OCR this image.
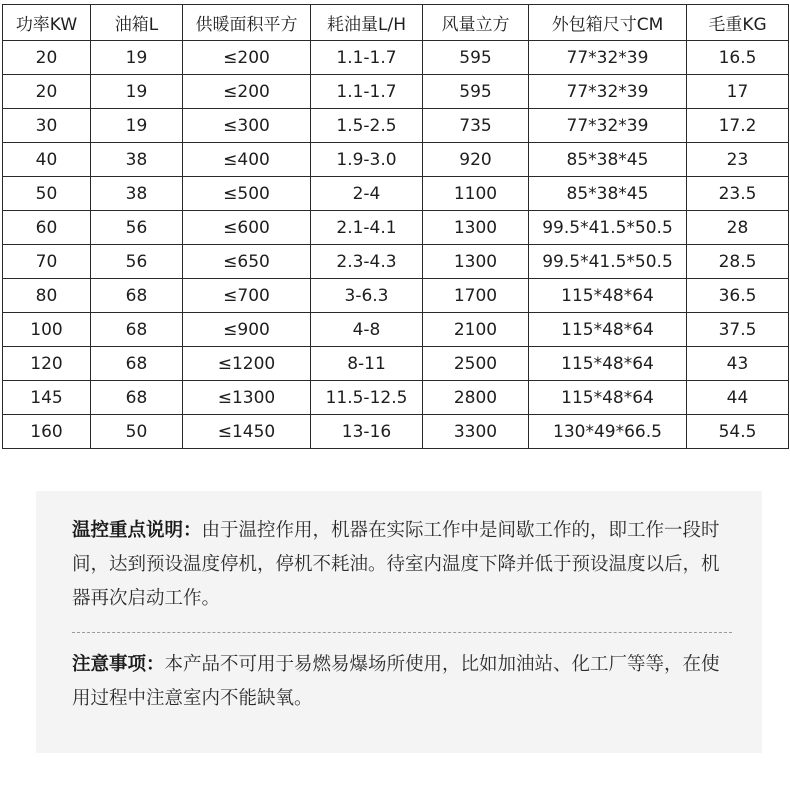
功率KW	油箱L	供暖面积平方	耗油量L/H	风量立方	外包箱尺寸CM	毛重KG
20	19	≤200	1.1-1.7	595	77*32*39	16.5
20	19	≤200	1.1-1.7	595	77*32*39	17
30	19	≤300	1.5-2.5	735	77*32*39	17.2
40	38	≤400	1.9-3.0	920	85*38*45	23
50	38	≤500	2-4	1100	85*38*45	23.5
60	56	≤600	2.1-4.1	1300	99.5*41.5*50.5	28
70	56	≤650	2.3-4.3	1300	99.5*41.5*50.5	28.5
80	68	≤700	3-6.3	1700	115*48*64	36.5
100	68	≤900	4-8	2100	115*48*64	37.5
120	68	≤1200	8-11	2500	115*48*64	43
145	68	≤1300	11.5-12.5	2800	115*48*64	44
160	50	≤1450	13-16	3300	130*49*66.5	54.5
温控重点说明：由于温控作用，机器在实际工作中是间歇工作的，即工作一段时间，达到预设温度停机，停机不耗油。待室内温度下降并低于预设温度以后，机器再次启动工作。
注意事项：本产品不可用于易燃易爆场所使用，比如加油站、化工厂等等，在使用过程中注意室内不能缺氧。
